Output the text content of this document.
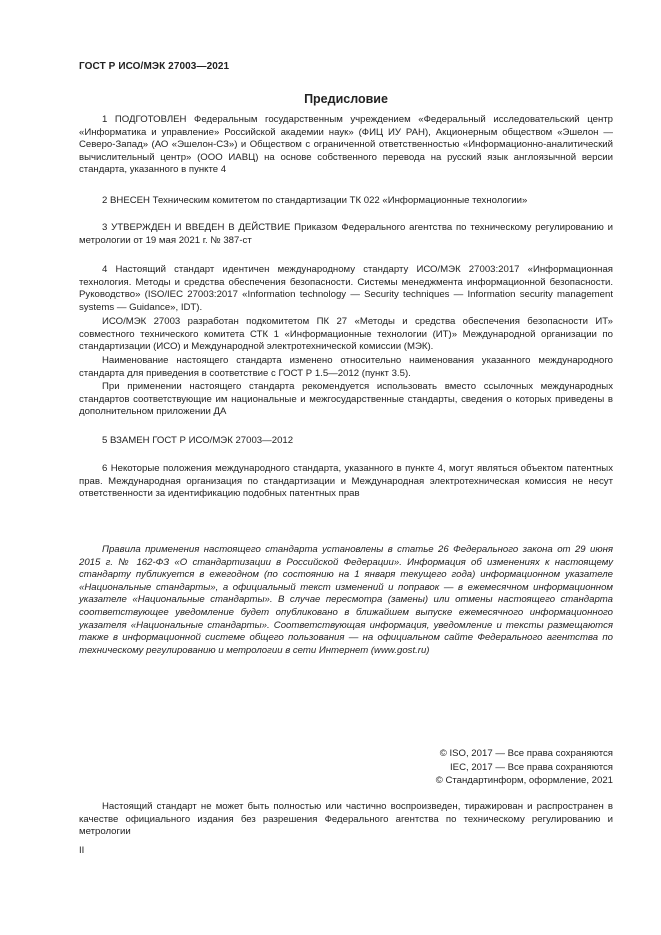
ГОСТ Р ИСО/МЭК 27003—2021
Предисловие

1 ПОДГОТОВЛЕН Федеральным государственным учреждением «Федеральный исследовательский центр «Информатика и управление» Российской академии наук» (ФИЦ ИУ РАН), Акционерным обществом «Эшелон — Северо-Запад» (АО «Эшелон-СЗ») и Обществом с ограниченной ответственностью «Информационно-аналитический вычислительный центр» (ООО ИАВЦ) на основе собственного перевода на русский язык англоязычной версии стандарта, указанного в пункте 4

2 ВНЕСЕН Техническим комитетом по стандартизации ТК 022 «Информационные технологии»

3 УТВЕРЖДЕН И ВВЕДЕН В ДЕЙСТВИЕ Приказом Федерального агентства по техническому регулированию и метрологии от 19 мая 2021 г. № 387-ст

4 Настоящий стандарт идентичен международному стандарту ИСО/МЭК 27003:2017 «Информационная технология. Методы и средства обеспечения безопасности. Системы менеджмента информационной безопасности. Руководство» (ISO/IEC 27003:2017 «Information technology — Security techniques — Information security management systems — Guidance», IDT).

ИСО/МЭК 27003 разработан подкомитетом ПК 27 «Методы и средства обеспечения безопасности ИТ» совместного технического комитета СТК 1 «Информационные технологии (ИТ)» Международной организации по стандартизации (ИСО) и Международной электротехнической комиссии (МЭК).

Наименование настоящего стандарта изменено относительно наименования указанного международного стандарта для приведения в соответствие с ГОСТ Р 1.5—2012 (пункт 3.5).

При применении настоящего стандарта рекомендуется использовать вместо ссылочных международных стандартов соответствующие им национальные и межгосударственные стандарты, сведения о которых приведены в дополнительном приложении ДА

5 ВЗАМЕН ГОСТ Р ИСО/МЭК 27003—2012

6 Некоторые положения международного стандарта, указанного в пункте 4, могут являться объектом патентных прав. Международная организация по стандартизации и Международная электротехническая комиссия не несут ответственности за идентификацию подобных патентных прав

Правила применения настоящего стандарта установлены в статье 26 Федерального закона от 29 июня 2015 г. № 162-ФЗ «О стандартизации в Российской Федерации». Информация об изменениях к настоящему стандарту публикуется в ежегодном (по состоянию на 1 января текущего года) информационном указателе «Национальные стандарты», а официальный текст изменений и поправок — в ежемесячном информационном указателе «Национальные стандарты». В случае пересмотра (замены) или отмены настоящего стандарта соответствующее уведомление будет опубликовано в ближайшем выпуске ежемесячного информационного указателя «Национальные стандарты». Соответствующая информация, уведомление и тексты размещаются также в информационной системе общего пользования — на официальном сайте Федерального агентства по техническому регулированию и метрологии в сети Интернет (www.gost.ru)

© ISO, 2017 — Все права сохраняются
IEC, 2017 — Все права сохраняются
© Стандартинформ, оформление, 2021

Настоящий стандарт не может быть полностью или частично воспроизведен, тиражирован и распространен в качестве официального издания без разрешения Федерального агентства по техническому регулированию и метрологии

II
